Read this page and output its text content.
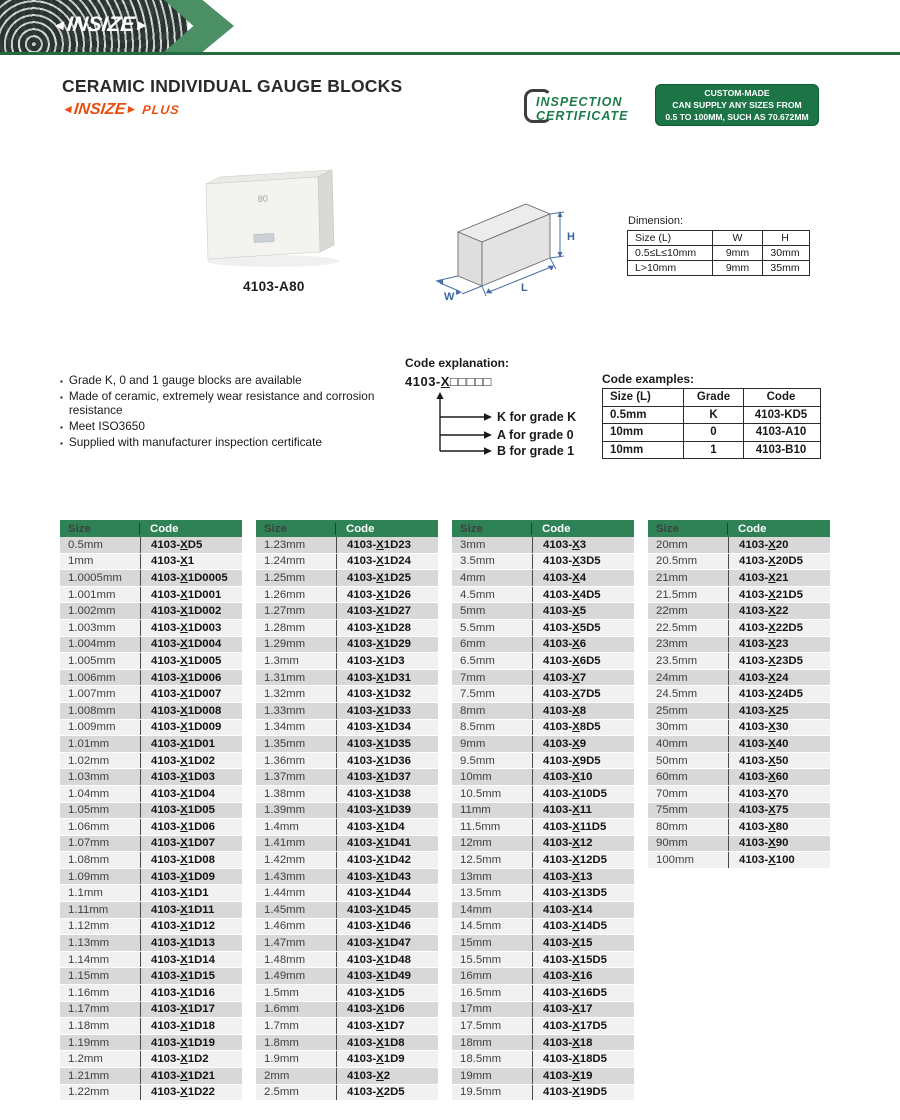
◄INSIZE►
CERAMIC INDIVIDUAL GAUGE BLOCKS
◄INSIZE► PLUS
INSPECTION
CERTIFICATE
CUSTOM-MADE
CAN SUPPLY ANY SIZES FROM
0.5 TO 100MM, SUCH AS 70.672MM
80
4103-A80
H
L
W
Dimension:
Size (L)	W	H
0.5≤L≤10mm	9mm	30mm
L>10mm	9mm	35mm
▪ Grade K, 0 and 1 gauge blocks are available
▪ Made of ceramic, extremely wear resistance and corrosion resistance
▪ Meet ISO3650
▪ Supplied with manufacturer inspection certificate
Code explanation:
4103-X□□□□□
K for grade K
A for grade 0
B for grade 1
Code examples:
Size (L)	Grade	Code
0.5mm	K	4103-KD5
10mm	0	4103-A10
10mm	1	4103-B10
Size	Code
0.5mm	4103- X D5
1mm	4103- X 1
1.0005mm	4103- X 1D0005
1.001mm	4103- X 1D001
1.002mm	4103- X 1D002
1.003mm	4103- X 1D003
1.004mm	4103- X 1D004
1.005mm	4103- X 1D005
1.006mm	4103- X 1D006
1.007mm	4103- X 1D007
1.008mm	4103- X 1D008
1.009mm	4103- X 1D009
1.01mm	4103- X 1D01
1.02mm	4103- X 1D02
1.03mm	4103- X 1D03
1.04mm	4103- X 1D04
1.05mm	4103- X 1D05
1.06mm	4103- X 1D06
1.07mm	4103- X 1D07
1.08mm	4103- X 1D08
1.09mm	4103- X 1D09
1.1mm	4103- X 1D1
1.11mm	4103- X 1D11
1.12mm	4103- X 1D12
1.13mm	4103- X 1D13
1.14mm	4103- X 1D14
1.15mm	4103- X 1D15
1.16mm	4103- X 1D16
1.17mm	4103- X 1D17
1.18mm	4103- X 1D18
1.19mm	4103- X 1D19
1.2mm	4103- X 1D2
1.21mm	4103- X 1D21
1.22mm	4103- X 1D22
Size	Code
1.23mm	4103- X 1D23
1.24mm	4103- X 1D24
1.25mm	4103- X 1D25
1.26mm	4103- X 1D26
1.27mm	4103- X 1D27
1.28mm	4103- X 1D28
1.29mm	4103- X 1D29
1.3mm	4103- X 1D3
1.31mm	4103- X 1D31
1.32mm	4103- X 1D32
1.33mm	4103- X 1D33
1.34mm	4103- X 1D34
1.35mm	4103- X 1D35
1.36mm	4103- X 1D36
1.37mm	4103- X 1D37
1.38mm	4103- X 1D38
1.39mm	4103- X 1D39
1.4mm	4103- X 1D4
1.41mm	4103- X 1D41
1.42mm	4103- X 1D42
1.43mm	4103- X 1D43
1.44mm	4103- X 1D44
1.45mm	4103- X 1D45
1.46mm	4103- X 1D46
1.47mm	4103- X 1D47
1.48mm	4103- X 1D48
1.49mm	4103- X 1D49
1.5mm	4103- X 1D5
1.6mm	4103- X 1D6
1.7mm	4103- X 1D7
1.8mm	4103- X 1D8
1.9mm	4103- X 1D9
2mm	4103- X 2
2.5mm	4103- X 2D5
Size	Code
3mm	4103- X 3
3.5mm	4103- X 3D5
4mm	4103- X 4
4.5mm	4103- X 4D5
5mm	4103- X 5
5.5mm	4103- X 5D5
6mm	4103- X 6
6.5mm	4103- X 6D5
7mm	4103- X 7
7.5mm	4103- X 7D5
8mm	4103- X 8
8.5mm	4103- X 8D5
9mm	4103- X 9
9.5mm	4103- X 9D5
10mm	4103- X 10
10.5mm	4103- X 10D5
11mm	4103- X 11
11.5mm	4103- X 11D5
12mm	4103- X 12
12.5mm	4103- X 12D5
13mm	4103- X 13
13.5mm	4103- X 13D5
14mm	4103- X 14
14.5mm	4103- X 14D5
15mm	4103- X 15
15.5mm	4103- X 15D5
16mm	4103- X 16
16.5mm	4103- X 16D5
17mm	4103- X 17
17.5mm	4103- X 17D5
18mm	4103- X 18
18.5mm	4103- X 18D5
19mm	4103- X 19
19.5mm	4103- X 19D5
Size	Code
20mm	4103- X 20
20.5mm	4103- X 20D5
21mm	4103- X 21
21.5mm	4103- X 21D5
22mm	4103- X 22
22.5mm	4103- X 22D5
23mm	4103- X 23
23.5mm	4103- X 23D5
24mm	4103- X 24
24.5mm	4103- X 24D5
25mm	4103- X 25
30mm	4103- X 30
40mm	4103- X 40
50mm	4103- X 50
60mm	4103- X 60
70mm	4103- X 70
75mm	4103- X 75
80mm	4103- X 80
90mm	4103- X 90
100mm	4103- X 100
